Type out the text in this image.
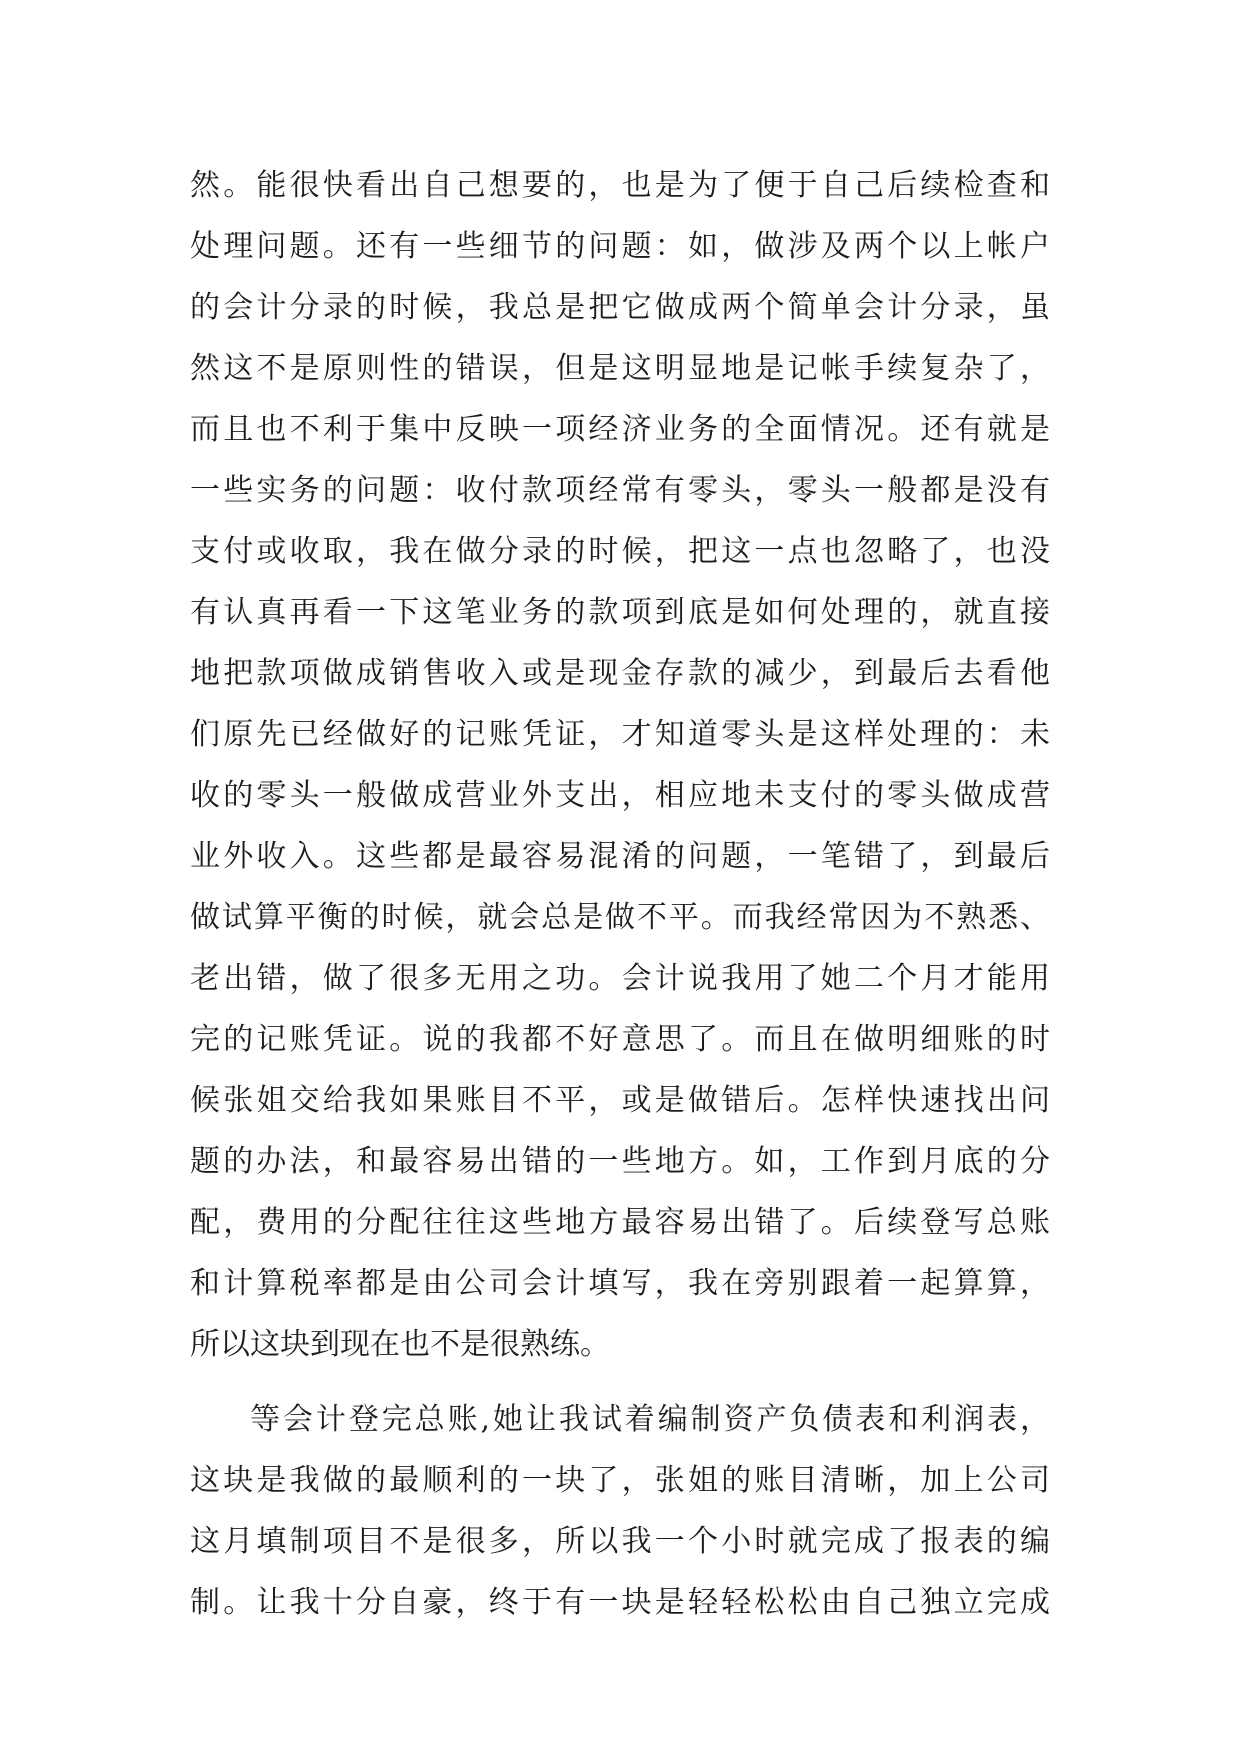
然。能很快看出自己想要的，也是为了便于自己后续检查和
处理问题。还有一些细节的问题：如，做涉及两个以上帐户
的会计分录的时候，我总是把它做成两个简单会计分录，虽
然这不是原则性的错误，但是这明显地是记帐手续复杂了，
而且也不利于集中反映一项经济业务的全面情况。还有就是
一些实务的问题：收付款项经常有零头，零头一般都是没有
支付或收取，我在做分录的时候，把这一点也忽略了，也没
有认真再看一下这笔业务的款项到底是如何处理的，就直接
地把款项做成销售收入或是现金存款的减少，到最后去看他
们原先已经做好的记账凭证，才知道零头是这样处理的：未
收的零头一般做成营业外支出，相应地未支付的零头做成营
业外收入。这些都是最容易混淆的问题，一笔错了，到最后
做试算平衡的时候，就会总是做不平。而我经常因为不熟悉、
老出错，做了很多无用之功。会计说我用了她二个月才能用
完的记账凭证。说的我都不好意思了。而且在做明细账的时
候张姐交给我如果账目不平，或是做错后。怎样快速找出问
题的办法，和最容易出错的一些地方。如，工作到月底的分
配，费用的分配往往这些地方最容易出错了。后续登写总账
和计算税率都是由公司会计填写，我在旁别跟着一起算算，
所以这块到现在也不是很熟练。
等会计登完总账,她让我试着编制资产负债表和利润表，
这块是我做的最顺利的一块了，张姐的账目清晰，加上公司
这月填制项目不是很多，所以我一个小时就完成了报表的编
制。让我十分自豪，终于有一块是轻轻松松由自己独立完成
